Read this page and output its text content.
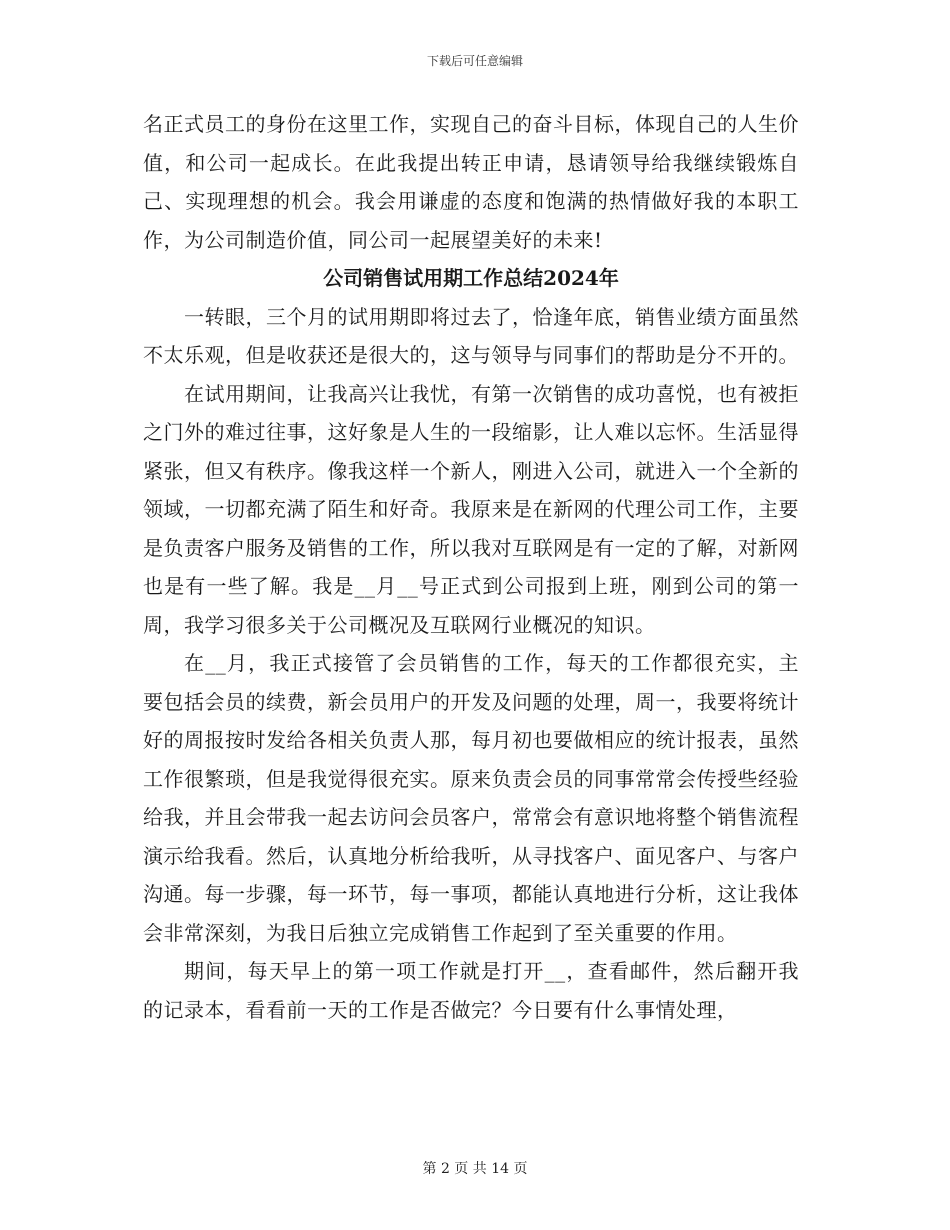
下载后可任意编辑

名正式员工的身份在这里工作，实现自己的奋斗目标，体现自己的人生价值，和公司一起成长。在此我提出转正申请，恳请领导给我继续锻炼自己、实现理想的机会。我会用谦虚的态度和饱满的热情做好我的本职工作，为公司制造价值，同公司一起展望美好的未来!

公司销售试用期工作总结2024年

一转眼，三个月的试用期即将过去了，恰逢年底，销售业绩方面虽然不太乐观，但是收获还是很大的，这与领导与同事们的帮助是分不开的。

在试用期间，让我高兴让我忧，有第一次销售的成功喜悦，也有被拒之门外的难过往事，这好象是人生的一段缩影，让人难以忘怀。生活显得紧张，但又有秩序。像我这样一个新人，刚进入公司，就进入一个全新的领域，一切都充满了陌生和好奇。我原来是在新网的代理公司工作，主要是负责客户服务及销售的工作，所以我对互联网是有一定的了解，对新网也是有一些了解。我是__月__号正式到公司报到上班，刚到公司的第一周，我学习很多关于公司概况及互联网行业概况的知识。

在__月，我正式接管了会员销售的工作，每天的工作都很充实，主要包括会员的续费，新会员用户的开发及问题的处理，周一，我要将统计好的周报按时发给各相关负责人那，每月初也要做相应的统计报表，虽然工作很繁琐，但是我觉得很充实。原来负责会员的同事常常会传授些经验给我，并且会带我一起去访问会员客户，常常会有意识地将整个销售流程演示给我看。然后，认真地分析给我听，从寻找客户、面见客户、与客户沟通。每一步骤，每一环节，每一事项，都能认真地进行分析，这让我体会非常深刻，为我日后独立完成销售工作起到了至关重要的作用。

期间，每天早上的第一项工作就是打开__，查看邮件，然后翻开我的记录本，看看前一天的工作是否做完？今日要有什么事情处理，

第 2 页 共 14 页
